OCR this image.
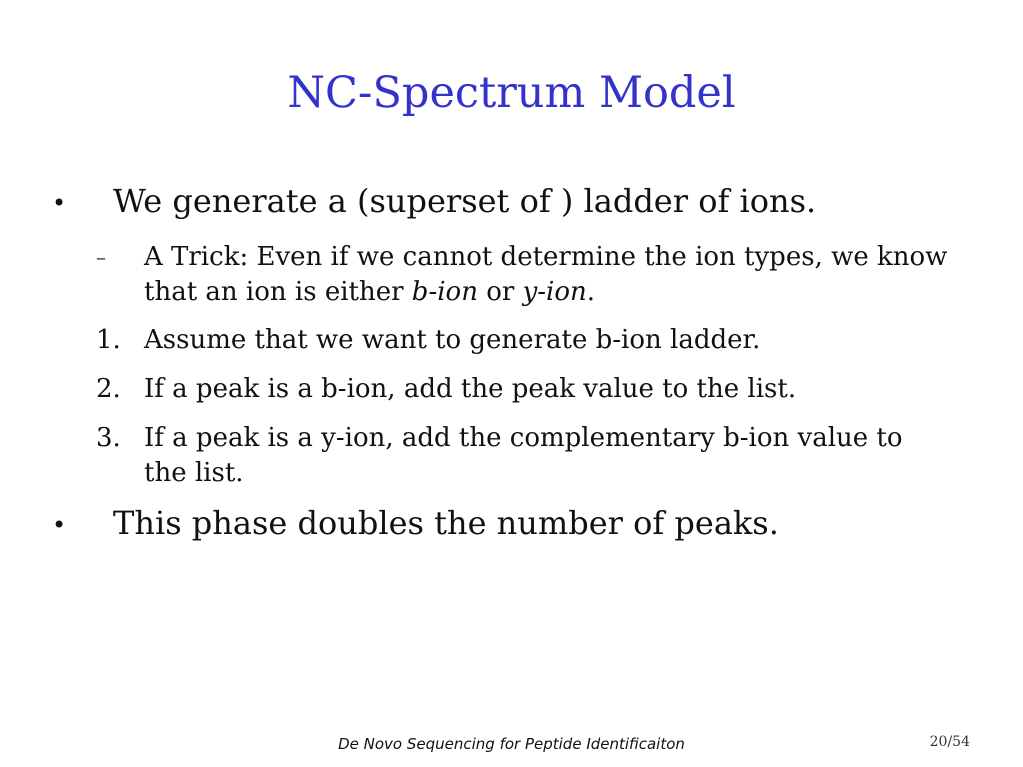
NC-Spectrum Model
• We generate a (superset of ) ladder of ions.
– A Trick: Even if we cannot determine the ion types, we know
that an ion is either b-ion or y-ion.
1. Assume that we want to generate b-ion ladder.
2. If a peak is a b-ion, add the peak value to the list.
3. If a peak is a y-ion, add the complementary b-ion value to
the list.
• This phase doubles the number of peaks.
De Novo Sequencing for Peptide Identificaiton	20/54
